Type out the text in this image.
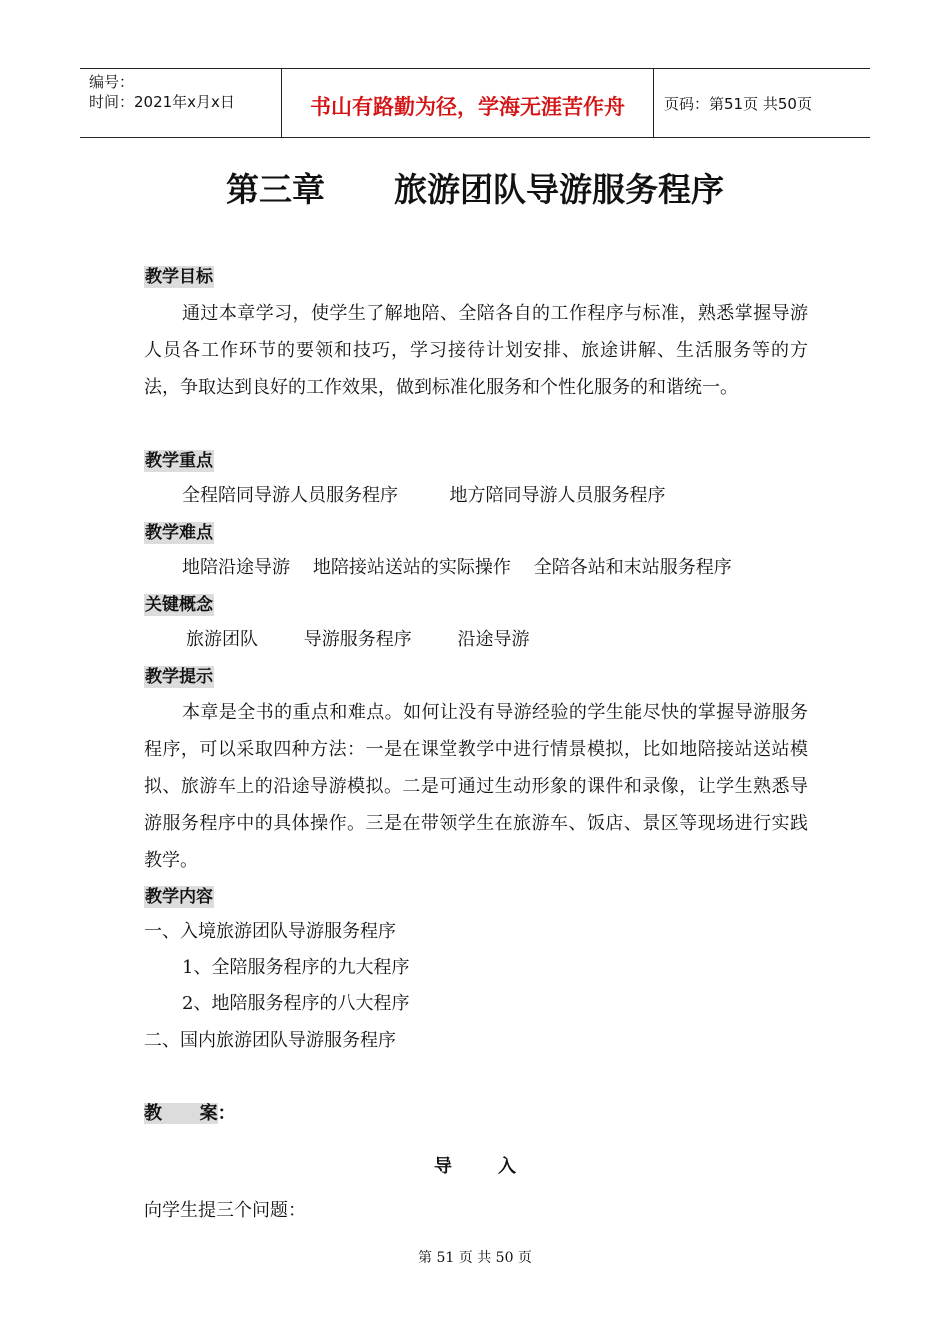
编号：
时间：2021年x月x日	书山有路勤为径，学海无涯苦作舟	页码：第51页 共50页
第三章      旅游团队导游服务程序
教学目标
通过本章学习，使学生了解地陪、全陪各自的工作程序与标准，熟悉掌握导游人员各工作环节的要领和技巧，学习接待计划安排、旅途讲解、生活服务等的方法，争取达到良好的工作效果，做到标准化服务和个性化服务的和谐统一。
教学重点
全程陪同导游人员服务程序         地方陪同导游人员服务程序
教学难点
地陪沿途导游    地陪接站送站的实际操作    全陪各站和末站服务程序
关键概念
旅游团队        导游服务程序        沿途导游
教学提示
本章是全书的重点和难点。如何让没有导游经验的学生能尽快的掌握导游服务程序，可以采取四种方法：一是在课堂教学中进行情景模拟，比如地陪接站送站模拟、旅游车上的沿途导游模拟。二是可通过生动形象的课件和录像，让学生熟悉导游服务程序中的具体操作。三是在带领学生在旅游车、饭店、景区等现场进行实践教学。
教学内容
一、入境旅游团队导游服务程序
1、全陪服务程序的九大程序
2、地陪服务程序的八大程序
二、国内旅游团队导游服务程序
教      案：
导入
向学生提三个问题：
第 51 页 共 50 页
